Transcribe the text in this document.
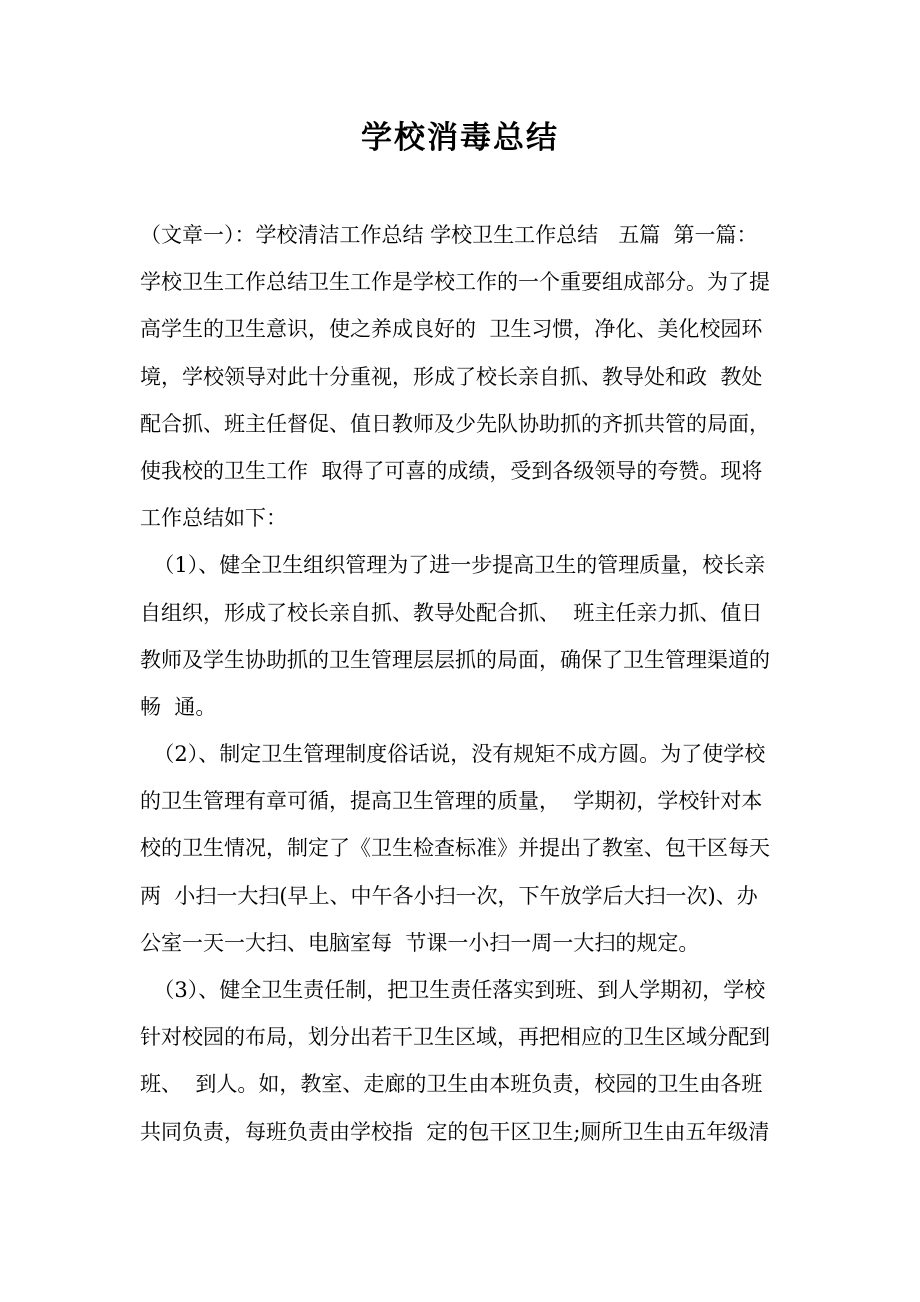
学校消毒总结
（文章一）：学校清洁工作总结 学校卫生工作总结   五篇  第一篇：
学校卫生工作总结卫生工作是学校工作的一个重要组成部分。为了提
高学生的卫生意识，使之养成良好的  卫生习惯，净化、美化校园环
境，学校领导对此十分重视，形成了校长亲自抓、教导处和政  教处
配合抓、班主任督促、值日教师及少先队协助抓的齐抓共管的局面，
使我校的卫生工作  取得了可喜的成绩，受到各级领导的夸赞。现将
工作总结如下：
（1）、健全卫生组织管理为了进一步提高卫生的管理质量，校长亲
自组织，形成了校长亲自抓、教导处配合抓、  班主任亲力抓、值日
教师及学生协助抓的卫生管理层层抓的局面，确保了卫生管理渠道的
畅  通。
（2）、制定卫生管理制度俗话说，没有规矩不成方圆。为了使学校
的卫生管理有章可循，提高卫生管理的质量，  学期初，学校针对本
校的卫生情况，制定了《卫生检查标准》并提出了教室、包干区每天
两  小扫一大扫(早上、中午各小扫一次，下午放学后大扫一次)、办
公室一天一大扫、电脑室每  节课一小扫一周一大扫的规定。
（3）、健全卫生责任制，把卫生责任落实到班、到人学期初，学校
针对校园的布局，划分出若干卫生区域，再把相应的卫生区域分配到
班、  到人。如，教室、走廊的卫生由本班负责，校园的卫生由各班
共同负责，每班负责由学校指  定的包干区卫生;厕所卫生由五年级清
